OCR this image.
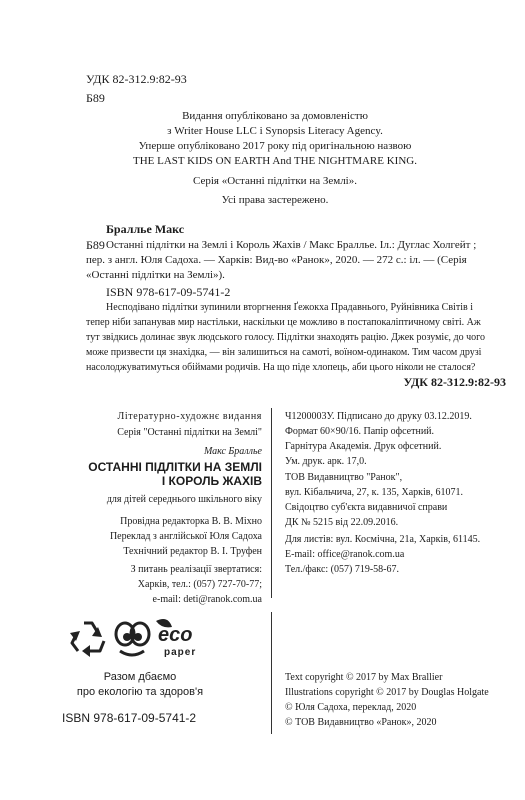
УДК 82-312.9:82-93
Б89
Видання опубліковано за домовленістю
з Writer House LLC і Synopsis Literacy Agency.
Уперше опубліковано 2017 року під оригінальною назвою
THE LAST KIDS ON EARTH And THE NIGHTMARE KING.
Серія «Останні підлітки на Землі».
Усі права застережено.
Браллье Макс
Б89 Останні підлітки на Землі і Король Жахів / Макс Браллье. Іл.: Дуглас Холгейт ;
пер. з англ. Юля Садоха. — Харків: Вид-во «Ранок», 2020. — 272 с.: іл. — (Серія
«Останні підлітки на Землі»).
ISBN 978-617-09-5741-2
Несподівано підлітки зупинили вторгнення Ґежокха Прадавнього, Руйнівника Світів і
тепер ніби запанував мир настільки, наскільки це можливо в постапокаліптичному світі. Аж
тут звідкись долинає звук людського голосу. Підлітки знаходять рацію. Джек розуміє, до чого
може призвести ця знахідка, — він залишиться на самоті, воїном-одинаком. Тим часом друзі
насолоджуватимуться обіймами родичів. На що піде хлопець, аби цього ніколи не сталося?
УДК 82-312.9:82-93
Літературно-художнє видання
Серія "Останні підлітки на Землі"
Макс Браллье
ОСТАННІ ПІДЛІТКИ НА ЗЕМЛІ
І КОРОЛЬ ЖАХІВ
для дітей середнього шкільного віку
Провідна редакторка В. В. Міхно
Переклад з англійської Юля Садоха
Технічний редактор В. І. Труфен
З питань реалізації звертатися:
Харків, тел.: (057) 727-70-77;
e-mail: deti@ranok.com.ua
Ч1200003У. Підписано до друку 03.12.2019.
Формат 60×90/16. Папір офсетний.
Гарнітура Академія. Друк офсетний.
Ум. друк. арк. 17,0.
ТОВ Видавництво "Ранок",
вул. Кібальчича, 27, к. 135, Харків, 61071.
Свідоцтво суб'єкта видавничої справи
ДК № 5215 від 22.09.2016.
Для листів: вул. Космічна, 21а, Харків, 61145.
E-mail: office@ranok.com.ua
Тел./факс: (057) 719-58-67.
eco
paper
Разом дбаємо
про екологію та здоров'я
ISBN 978-617-09-5741-2
Text copyright © 2017 by Max Brallier
Illustrations copyright © 2017 by Douglas Holgate
© Юля Садоха, переклад, 2020
© ТОВ Видавництво «Ранок», 2020
